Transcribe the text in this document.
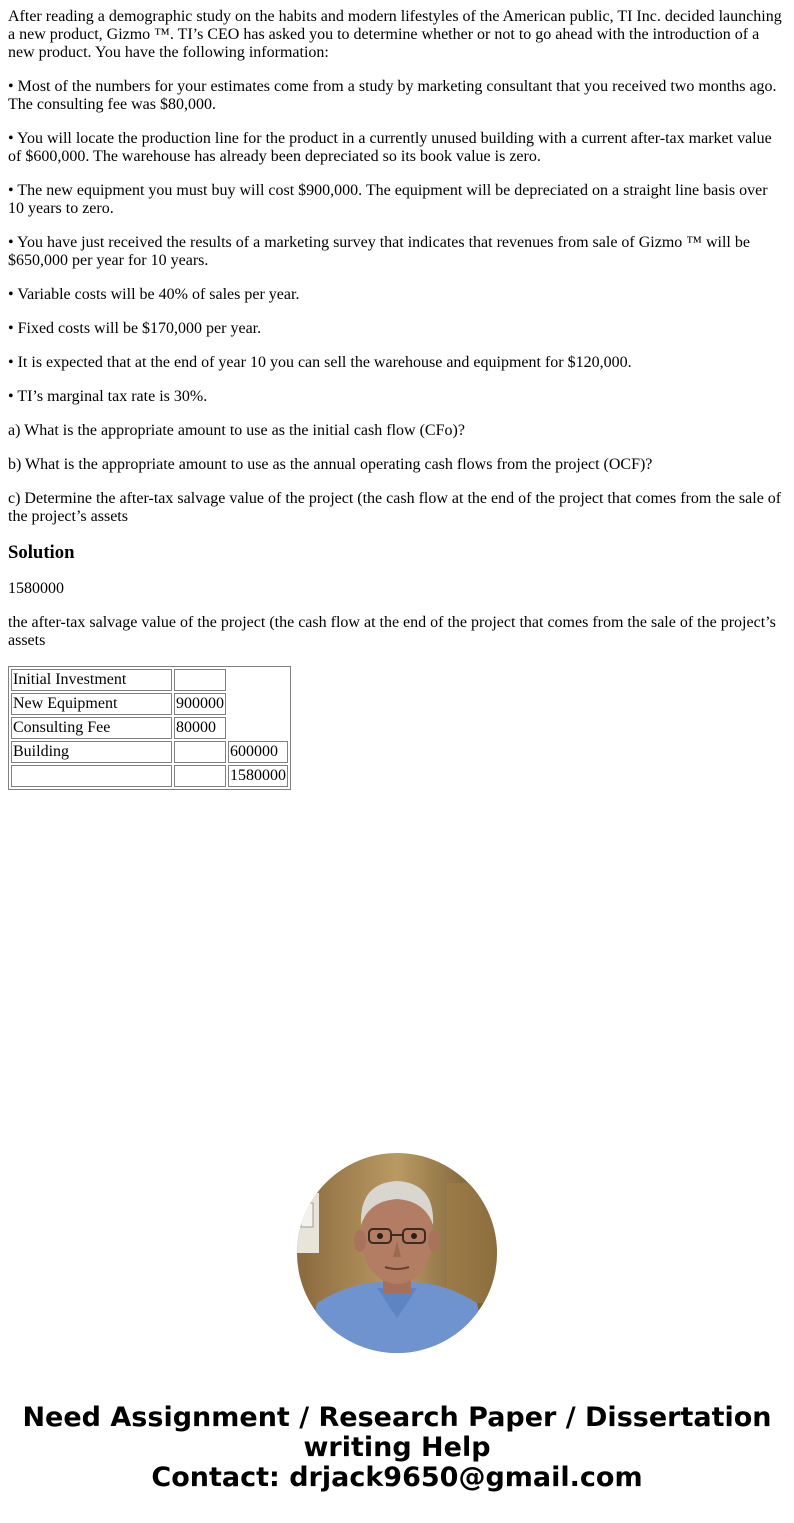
After reading a demographic study on the habits and modern lifestyles of the American public, TI Inc. decided launching a new product, Gizmo ™. TI’s CEO has asked you to determine whether or not to go ahead with the introduction of a new product. You have the following information:

• Most of the numbers for your estimates come from a study by marketing consultant that you received two months ago. The consulting fee was $80,000.

• You will locate the production line for the product in a currently unused building with a current after-tax market value of $600,000. The warehouse has already been depreciated so its book value is zero.

• The new equipment you must buy will cost $900,000. The equipment will be depreciated on a straight line basis over 10 years to zero.

• You have just received the results of a marketing survey that indicates that revenues from sale of Gizmo ™ will be $650,000 per year for 10 years.

• Variable costs will be 40% of sales per year.

• Fixed costs will be $170,000 per year.

• It is expected that at the end of year 10 you can sell the warehouse and equipment for $120,000.

• TI’s marginal tax rate is 30%.

a) What is the appropriate amount to use as the initial cash flow (CFo)?

b) What is the appropriate amount to use as the annual operating cash flows from the project (OCF)?

c) Determine the after-tax salvage value of the project (the cash flow at the end of the project that comes from the sale of the project’s assets

Solution

1580000

the after-tax salvage value of the project (the cash flow at the end of the project that comes from the sale of the project’s assets

Initial Investment		
New Equipment	900000	
Consulting Fee	80000	
Building		600000
		1580000
Need Assignment / Research Paper / Dissertation
writing Help
Contact: drjack9650@gmail.com
